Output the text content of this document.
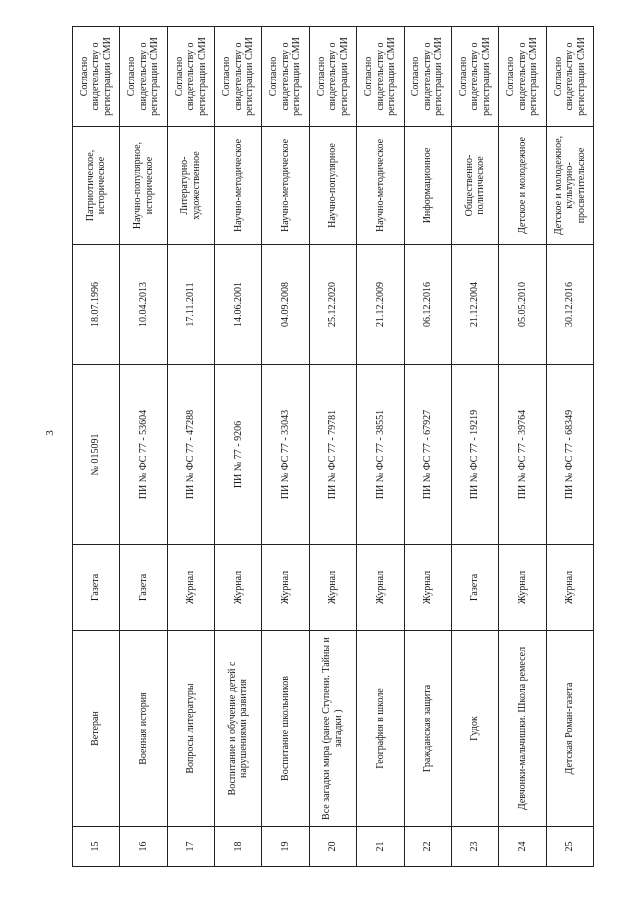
3
15	Ветеран	Газета	№ 015091	18.07.1996	Патриотическое, историческое	Согласно свидетельству о регистрации СМИ
16	Военная история	Газета	ПИ № ФС 77 - 53604	10.04.2013	Научно-популярное, историческое	Согласно свидетельству о регистрации СМИ
17	Вопросы литературы	Журнал	ПИ № ФС 77 - 47288	17.11.2011	Литературно-художественное	Согласно свидетельству о регистрации СМИ
18	Воспитание и обучение детей с нарушениями развития	Журнал	ПИ № 77 - 9206	14.06.2001	Научно-методическое	Согласно свидетельству о регистрации СМИ
19	Воспитание школьников	Журнал	ПИ № ФС 77 - 33043	04.09.2008	Научно-методическое	Согласно свидетельству о регистрации СМИ
20	Все загадки мира (ранее Ступени. Тайны и загадки )	Журнал	ПИ № ФС 77 - 79781	25.12.2020	Научно-популярное	Согласно свидетельству о регистрации СМИ
21	География в школе	Журнал	ПИ № ФС 77 - 38551	21.12.2009	Научно-методическое	Согласно свидетельству о регистрации СМИ
22	Гражданская защита	Журнал	ПИ № ФС 77 - 67927	06.12.2016	Информационное	Согласно свидетельству о регистрации СМИ
23	Гудок	Газета	ПИ № ФС 77 - 19219	21.12.2004	Общественно-политическое	Согласно свидетельству о регистрации СМИ
24	Девчонки-мальчишки. Школа ремесел	Журнал	ПИ № ФС 77 - 39764	05.05.2010	Детское и молодежное	Согласно свидетельству о регистрации СМИ
25	Детская Роман-газета	Журнал	ПИ № ФС 77 - 68349	30.12.2016	Детское и молодежное, культурно-просветительское	Согласно свидетельству о регистрации СМИ
